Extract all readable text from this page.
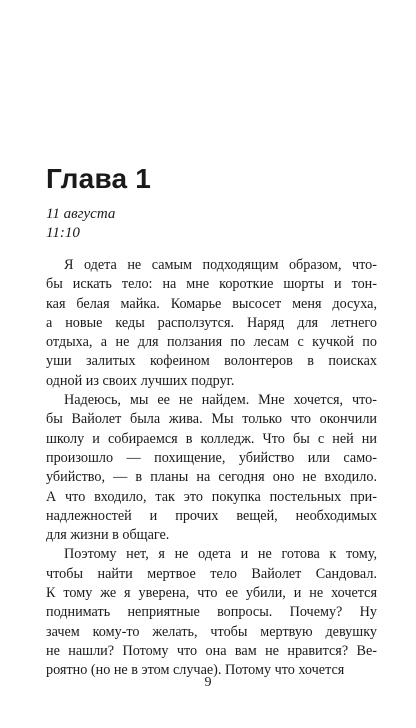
Глава 1
11 августа
11:10
Я одета не самым подходящим образом, что-
бы искать тело: на мне короткие шорты и тон-
кая белая майка. Комарье высосет меня досуха,
а новые кеды расползутся. Наряд для летнего
отдыха, а не для ползания по лесам с кучкой по
уши залитых кофеином волонтеров в поисках
одной из своих лучших подруг.
Надеюсь, мы ее не найдем. Мне хочется, что-
бы Вайолет была жива. Мы только что окончили
школу и собираемся в колледж. Что бы с ней ни
произошло — похищение, убийство или само-
убийство, — в планы на сегодня оно не входило.
А что входило, так это покупка постельных при-
надлежностей и прочих вещей, необходимых
для жизни в общаге.
Поэтому нет, я не одета и не готова к тому,
чтобы найти мертвое тело Вайолет Сандовал.
К тому же я уверена, что ее убили, и не хочется
поднимать неприятные вопросы. Почему? Ну
зачем кому-то желать, чтобы мертвую девушку
не нашли? Потому что она вам не нравится? Ве-
роятно (но не в этом случае). Потому что хочется
9
